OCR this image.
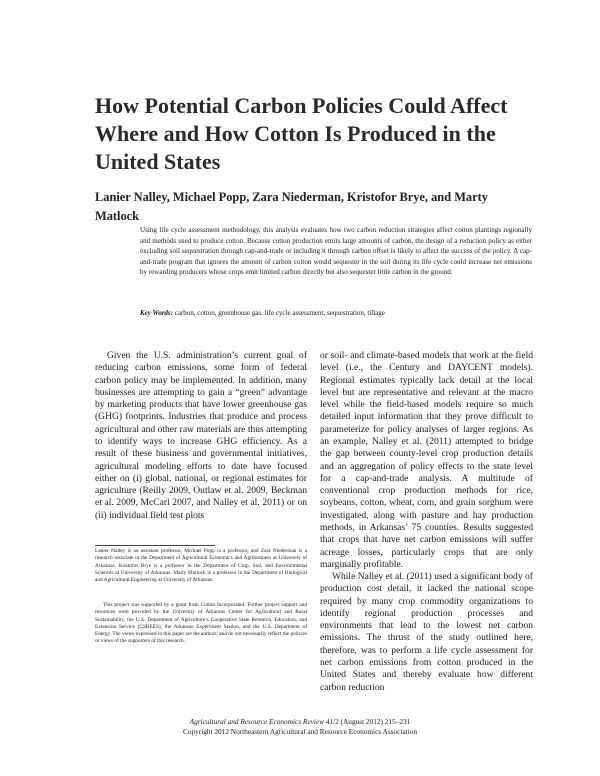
How Potential Carbon Policies Could Affect Where and How Cotton Is Produced in the United States

Lanier Nalley, Michael Popp, Zara Niederman, Kristofor Brye, and Marty Matlock

Using life cycle assessment methodology, this analysis evaluates how two carbon reduction strategies affect cotton plantings regionally and methods used to produce cotton. Because cotton production emits large amounts of carbon, the design of a reduction policy as either excluding soil sequestration through cap-and-trade or including it through carbon offset is likely to affect the success of the policy. A cap-and-trade program that ignores the amount of carbon cotton would sequester in the soil during its life cycle could increase net emissions by rewarding producers whose crops emit limited carbon directly but also sequester little carbon in the ground.

Key Words: carbon, cotton, greenhouse gas, life cycle assessment, sequestration, tillage

Given the U.S. administration’s current goal of reducing carbon emissions, some form of federal carbon policy may be implemented. In addition, many businesses are attempting to gain a “green” advantage by marketing products that have lower greenhouse gas (GHG) footprints. Industries that produce and process agricultural and other raw materials are thus attempting to identify ways to increase GHG efficiency. As a result of these business and governmental initiatives, agricultural modeling efforts to date have focused either on (i) global, national, or regional estimates for agriculture (Reilly 2009, Outlaw et al. 2009, Beckman et al. 2009, McCarl 2007, and Nalley et al. 2011) or on (ii) individual field test plots

or soil- and climate-based models that work at the field level (i.e., the Century and DAYCENT models). Regional estimates typically lack detail at the local level but are representative and relevant at the macro level while the field-based models require so much detailed input information that they prove difficult to parameterize for policy analyses of larger regions. As an example, Nalley et al. (2011) attempted to bridge the gap between county-level crop production details and an aggregation of policy effects to the state level for a cap-and-trade analysis. A multitude of conventional crop production methods for rice, soybeans, cotton, wheat, corn, and grain sorghum were investigated, along with pasture and hay production methods, in Arkansas’ 75 counties. Results suggested that crops that have net carbon emissions will suffer acreage losses, particularly crops that are only marginally profitable.

While Nalley et al. (2011) used a significant body of production cost detail, it lacked the national scope required by many crop commodity organizations to identify regional production processes and environments that lead to the lowest net carbon emissions. The thrust of the study outlined here, therefore, was to perform a life cycle assessment for net carbon emissions from cotton produced in the United States and thereby evaluate how different carbon reduction

Lanier Nalley is an assistant professor, Michael Popp is a professor, and Zara Niederman is a research associate in the Department of Agricultural Economics and Agribusiness at University of Arkansas. Kristofor Brye is a professor in the Department of Crop, Soil, and Environmental Sciences at University of Arkansas. Marty Matlock is a professor in the Department of Biological and Agricultural Engineering at University of Arkansas.

This project was supported by a grant from Cotton Incorporated. Further project support and resources were provided by the University of Arkansas Center for Agricultural and Rural Sustainability, the U.S. Department of Agriculture’s Cooperative State Research, Education, and Extension Service (CSREES), the Arkansas Experiment Station, and the U.S. Department of Energy. The views expressed in this paper are the authors’ and do not necessarily reflect the policies or views of the supporters of this research.

Agricultural and Resource Economics Review 41/2 (August 2012) 215–231
Copyright 2012 Northeastern Agricultural and Resource Economics Association
